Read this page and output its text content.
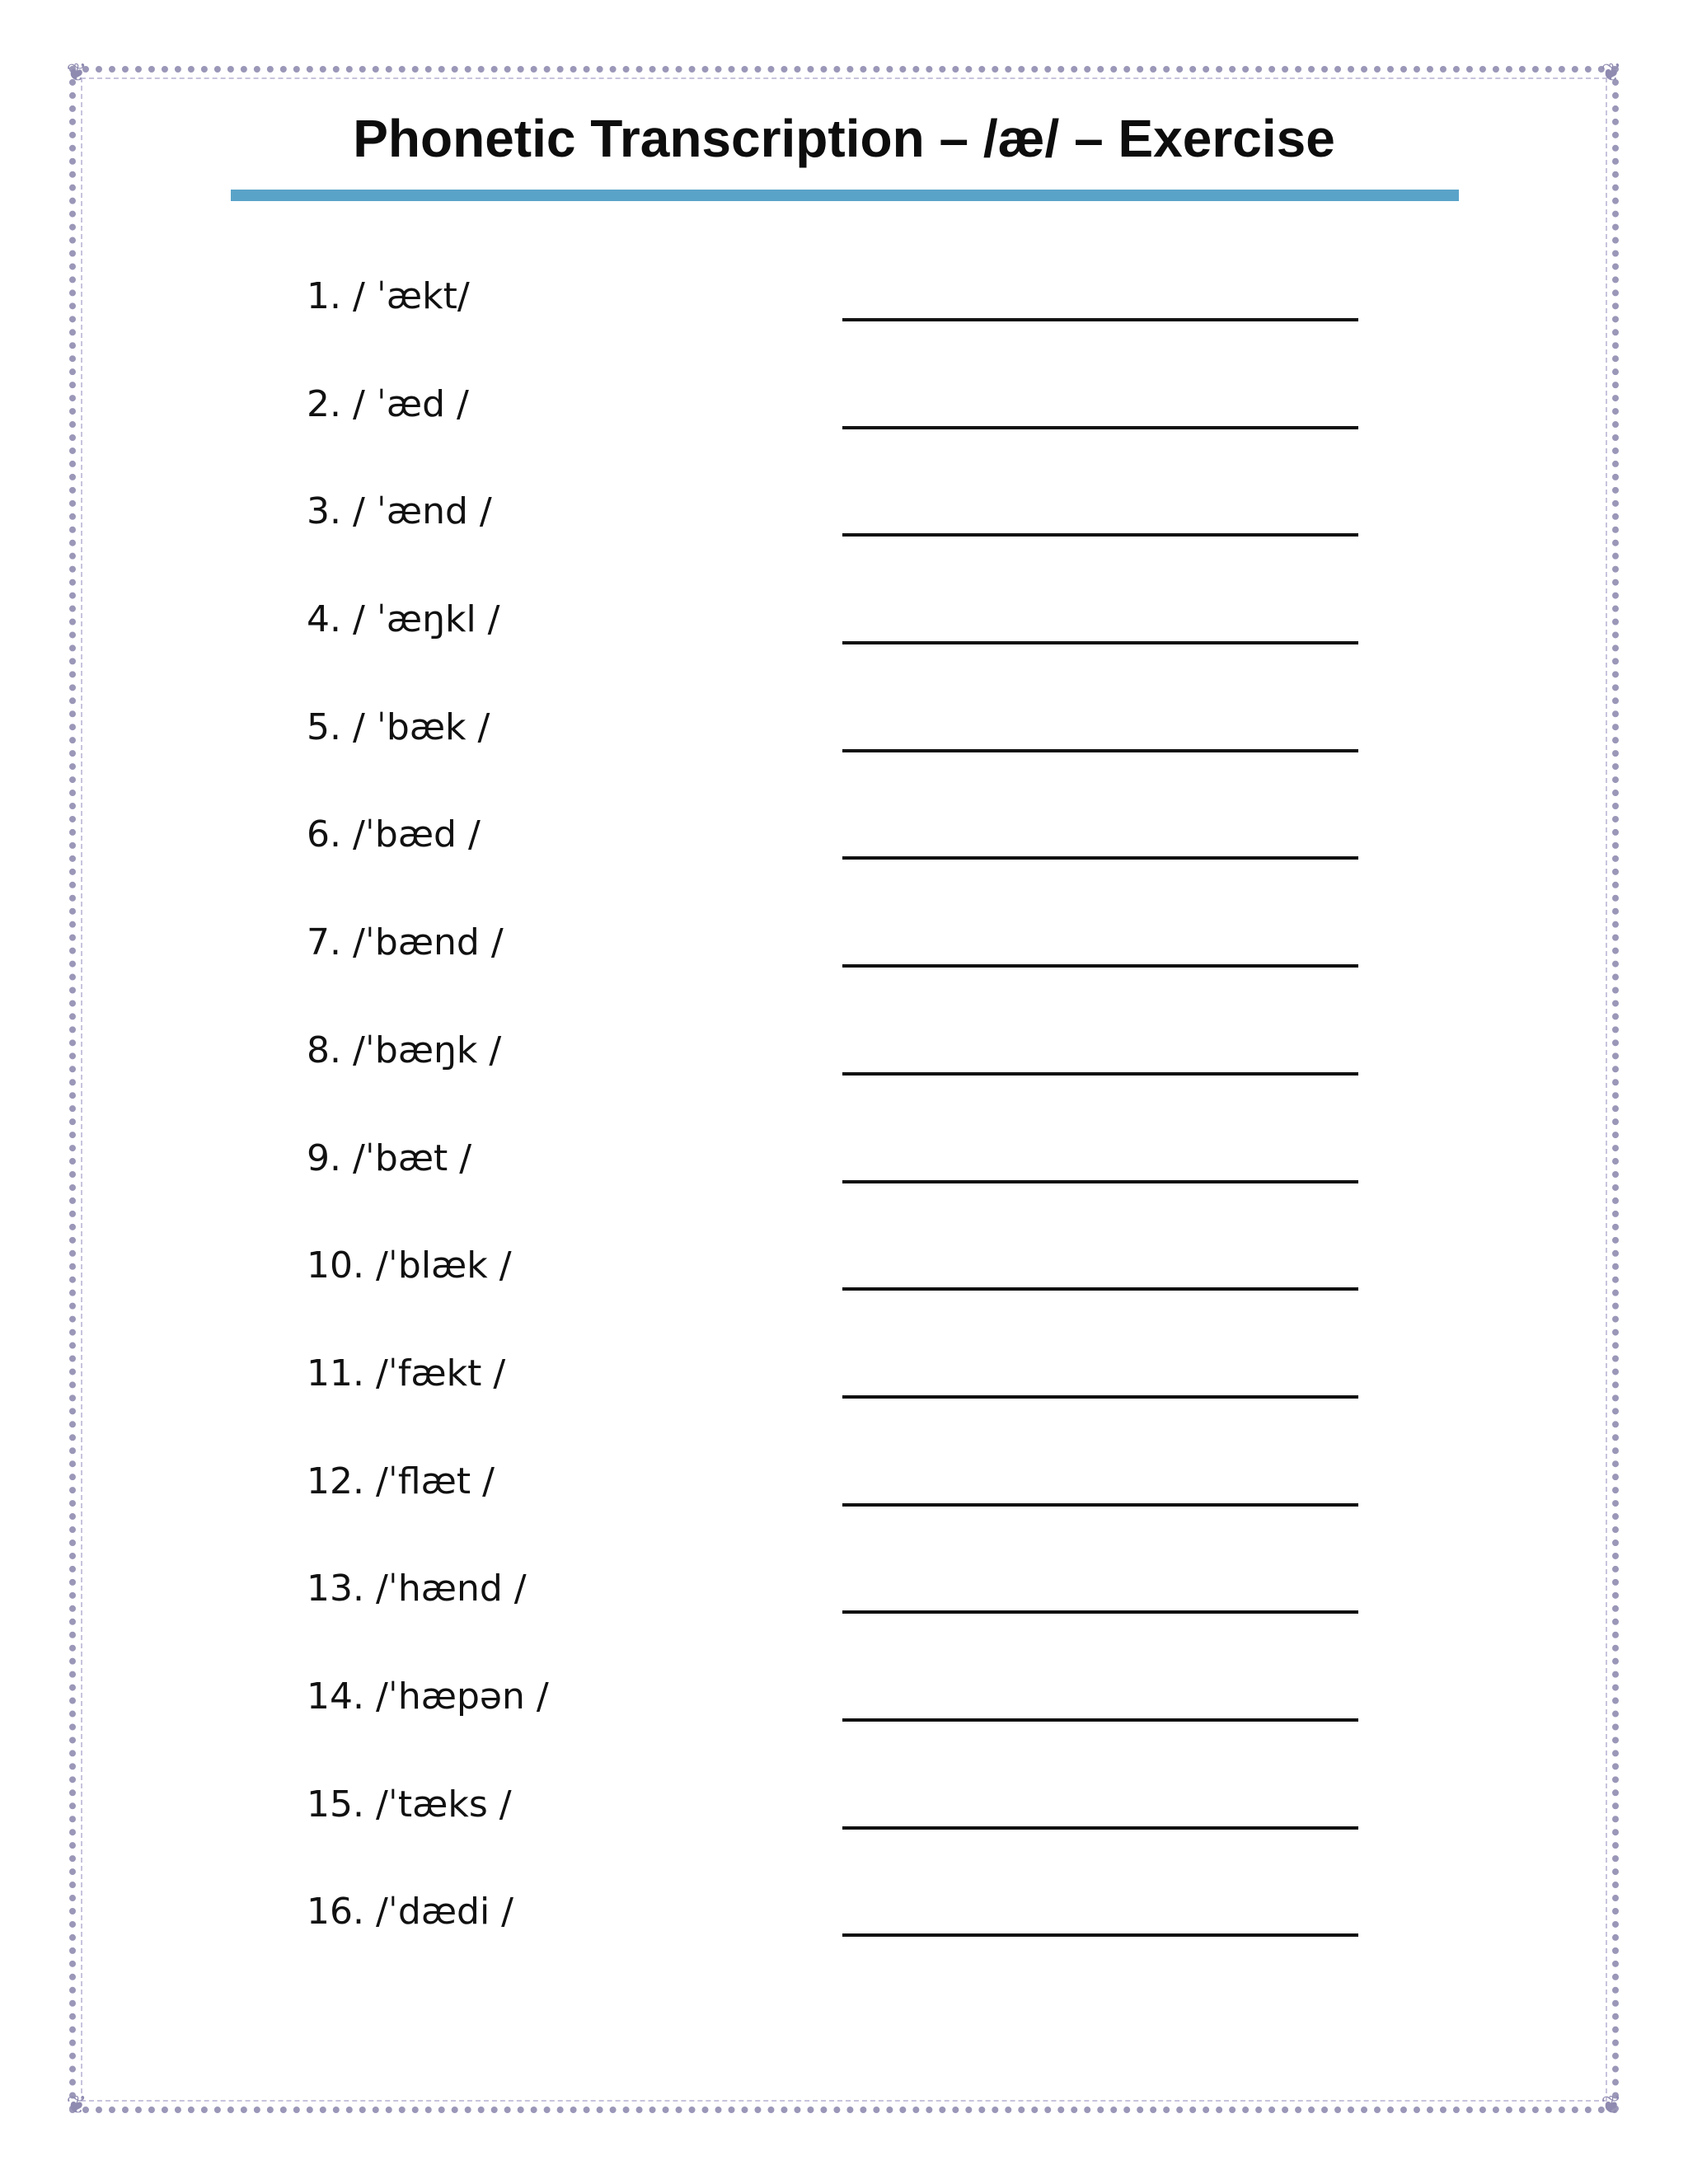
❦	❦
❦	❦
Phonetic Transcription – /æ/ – Exercise
1. / ˈækt/
2. / ˈæd /
3. / ˈænd /
4. / ˈæŋkl /
5. / ˈbæk /
6. /ˈbæd /
7. /ˈbænd /
8. /ˈbæŋk /
9. /ˈbæt /
10. /ˈblæk /
11. /ˈfækt /
12. /ˈflæt /
13. /ˈhænd /
14. /ˈhæpən /
15. /ˈtæks /
16. /ˈdædi /
